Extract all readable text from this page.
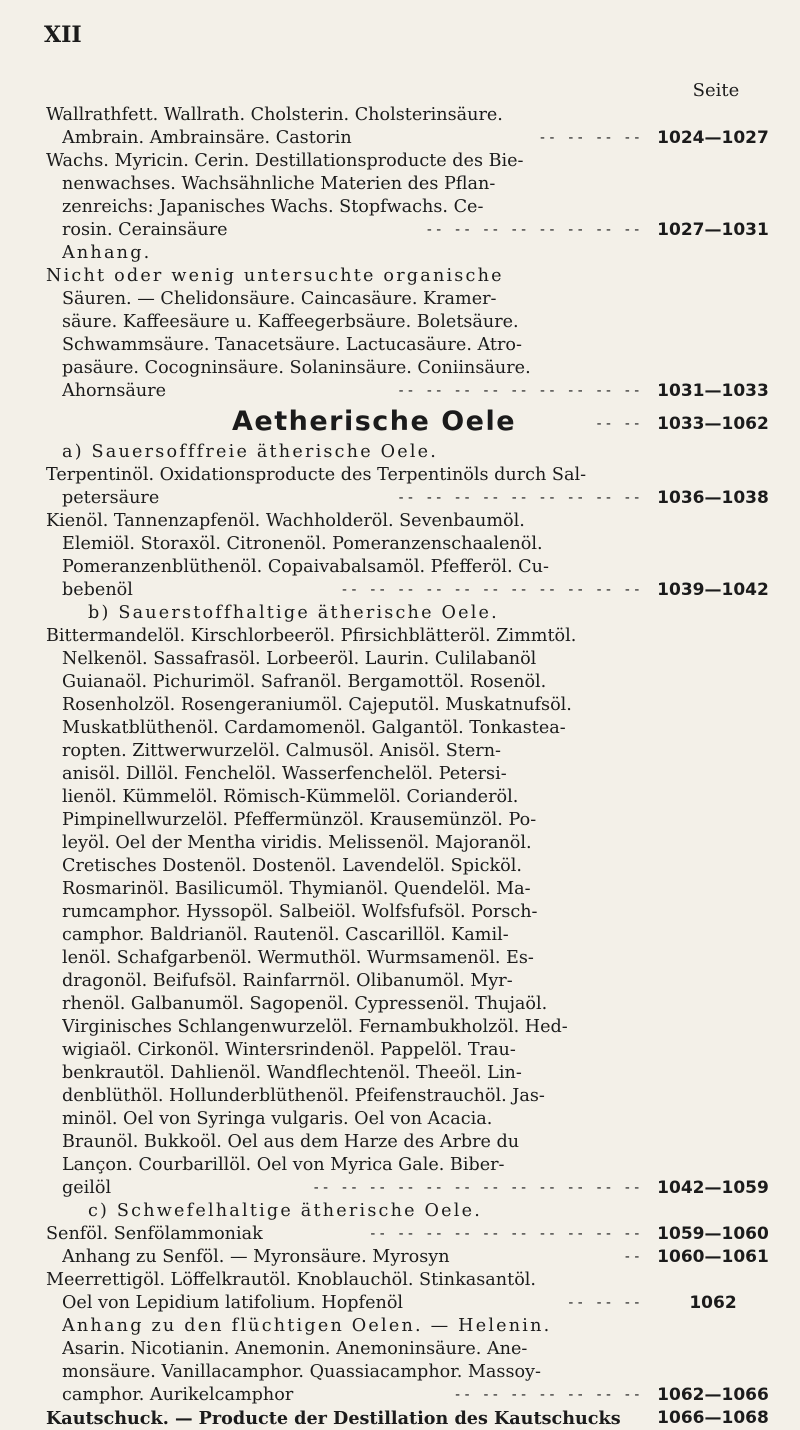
XII
Seite
Wallrathfett. Wallrath. Cholsterin. Cholsterinsäure.
Ambrain. Ambrainsäre. Castorin	-- -- -- -- 1024—1027
Wachs. Myricin. Cerin. Destillationsproducte des Bie-
nenwachses. Wachsähnliche Materien des Pflan-
zenreichs: Japanisches Wachs. Stopfwachs. Ce-
rosin. Cerainsäure	-- -- -- -- -- -- -- -- 1027—1031
Anhang.
Nicht oder wenig untersuchte organische
Säuren. — Chelidonsäure. Caincasäure. Kramer-
säure. Kaffeesäure u. Kaffeegerbsäure. Boletsäure.
Schwammsäure. Tanacetsäure. Lactucasäure. Atro-
pasäure. Cocogninsäure. Solaninsäure. Coniinsäure.
Ahornsäure	-- -- -- -- -- -- -- -- -- 1031—1033
Aetherische Oele	-- -- 1033—1062
a) Sauersofffreie ätherische Oele.
Terpentinöl. Oxidationsproducte des Terpentinöls durch Sal-
petersäure	-- -- -- -- -- -- -- -- -- 1036—1038
Kienöl. Tannenzapfenöl. Wachholderöl. Sevenbaumöl.
Elemiöl. Storaxöl. Citronenöl. Pomeranzenschaalenöl.
Pomeranzenblüthenöl. Copaivabalsamöl. Pfefferöl. Cu-
bebenöl	-- -- -- -- -- -- -- -- -- -- -- 1039—1042
b) Sauerstoffhaltige ätherische Oele.
Bittermandelöl. Kirschlorbeeröl. Pfirsichblätteröl. Zimmtöl.
Nelkenöl. Sassafrasöl. Lorbeeröl. Laurin. Culilabanöl
Guianaöl. Pichurimöl. Safranöl. Bergamottöl. Rosenöl.
Rosenholzöl. Rosengeraniumöl. Cajeputöl. Muskatnufsöl.
Muskatblüthenöl. Cardamomenöl. Galgantöl. Tonkastea-
ropten. Zittwerwurzelöl. Calmusöl. Anisöl. Stern-
anisöl. Dillöl. Fenchelöl. Wasserfenchelöl. Petersi-
lienöl. Kümmelöl. Römisch-Kümmelöl. Corianderöl.
Pimpinellwurzelöl. Pfeffermünzöl. Krausemünzöl. Po-
leyöl. Oel der Mentha viridis. Melissenöl. Majoranöl.
Cretisches Dostenöl. Dostenöl. Lavendelöl. Spicköl.
Rosmarinöl. Basilicumöl. Thymianöl. Quendelöl. Ma-
rumcamphor. Hyssopöl. Salbeiöl. Wolfsfufsöl. Porsch-
camphor. Baldrianöl. Rautenöl. Cascarillöl. Kamil-
lenöl. Schafgarbenöl. Wermuthöl. Wurmsamenöl. Es-
dragonöl. Beifufsöl. Rainfarrnöl. Olibanumöl. Myr-
rhenöl. Galbanumöl. Sagopenöl. Cypressenöl. Thujaöl.
Virginisches Schlangenwurzelöl. Fernambukholzöl. Hed-
wigiaöl. Cirkonöl. Wintersrindenöl. Pappelöl. Trau-
benkrautöl. Dahlienöl. Wandflechtenöl. Theeöl. Lin-
denblüthöl. Hollunderblüthenöl. Pfeifenstrauchöl. Jas-
minöl. Oel von Syringa vulgaris. Oel von Acacia.
Braunöl. Bukkoöl. Oel aus dem Harze des Arbre du
Lançon. Courbarillöl. Oel von Myrica Gale. Biber-
geilöl	-- -- -- -- -- -- -- -- -- -- -- -- 1042—1059
c) Schwefelhaltige ätherische Oele.
Senföl. Senfölammoniak	-- -- -- -- -- -- -- -- -- -- 1059—1060
Anhang zu Senföl. — Myronsäure. Myrosyn	-- 1060—1061
Meerrettigöl. Löffelkrautöl. Knoblauchöl. Stinkasantöl.
Oel von Lepidium latifolium. Hopfenöl	-- -- --	1062
Anhang zu den flüchtigen Oelen. — Helenin.
Asarin. Nicotianin. Anemonin. Anemoninsäure. Ane-
monsäure. Vanillacamphor. Quassiacamphor. Massoy-
camphor. Aurikelcamphor	-- -- -- -- -- -- -- 1062—1066
Kautschuck. — Producte der Destillation des Kautschucks	1066—1068
